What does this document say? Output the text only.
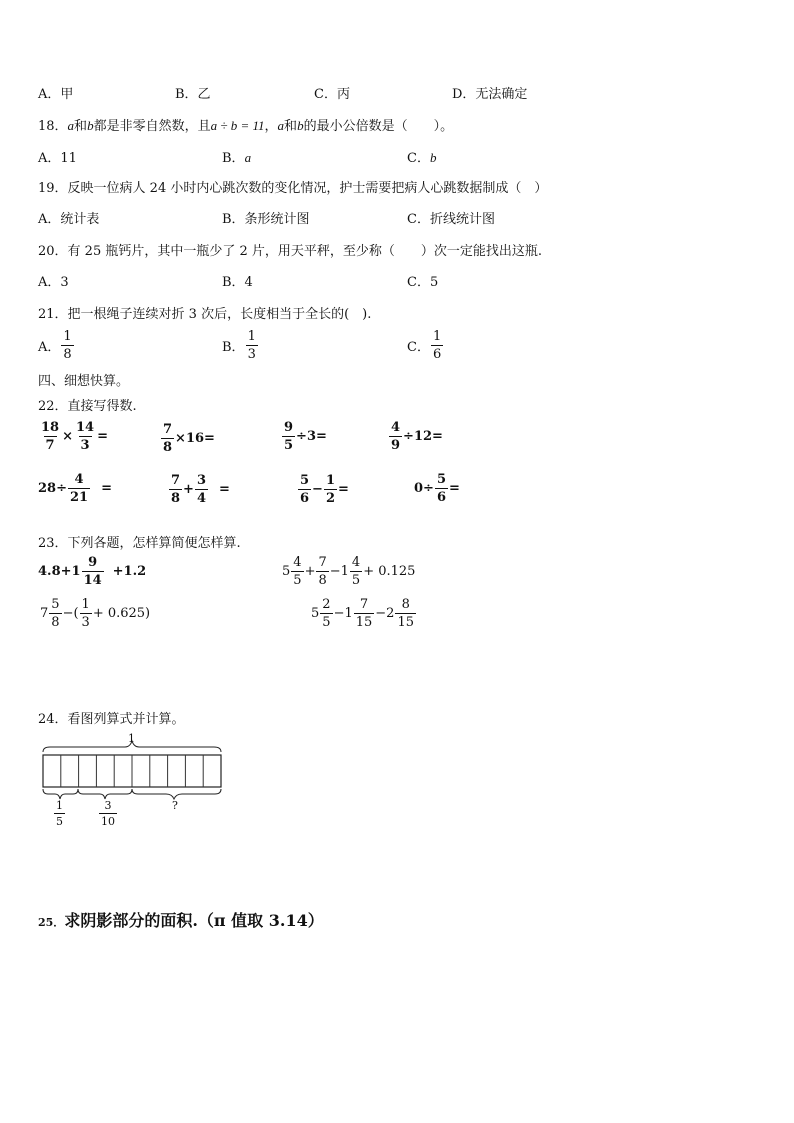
A．甲	B．乙	C．丙	D．无法确定
18．a和b都是非零自然数，且a ÷ b = 11，a和b的最小公倍数是（　　）。
A．11	B．a	C．b
19．反映一位病人 24 小时内心跳次数的变化情况，护士需要把病人心跳数据制成（　）
A．统计表	B．条形统计图	C．折线统计图
20．有 25 瓶钙片，其中一瓶少了 2 片，用天平秤，至少称（　　）次一定能找出这瓶.
A．3	B．4	C．5
21．把一根绳子连续对折 3 次后，长度相当于全长的(　).
A． $\frac{1}{8}$	B． $\frac{1}{3}$	C． $\frac{1}{6}$
四、细想快算。
22．直接写得数.
$\frac{18}{7} \times \frac{14}{3}$ =	$\frac{7}{8} \times 16=$	$\frac{9}{5} \div 3=$	$\frac{4}{9} \div 12=$
$28\div \frac{4}{21}$ =	$\frac{7}{8} + \frac{3}{4}$ =	$\frac{5}{6} - \frac{1}{2}$ =	$0\div \frac{5}{6}$ =
23．下列各题，怎样算简便怎样算.
$4.8+1 \frac{9}{14} +1.2$	$5 \frac{4}{5} + \frac{7}{8} -1 \frac{4}{5} + 0.125$
$7 \frac{5}{8}$ −( $\frac{1}{3} + 0.625$)	$5 \frac{2}{5} -1 \frac{7}{15} -2 \frac{8}{15}$
24．看图列算式并计算。
1
$\frac{1}{5}$	$\frac{3}{10}$	?
25．求阴影部分的面积.（π 值取 3.14）
